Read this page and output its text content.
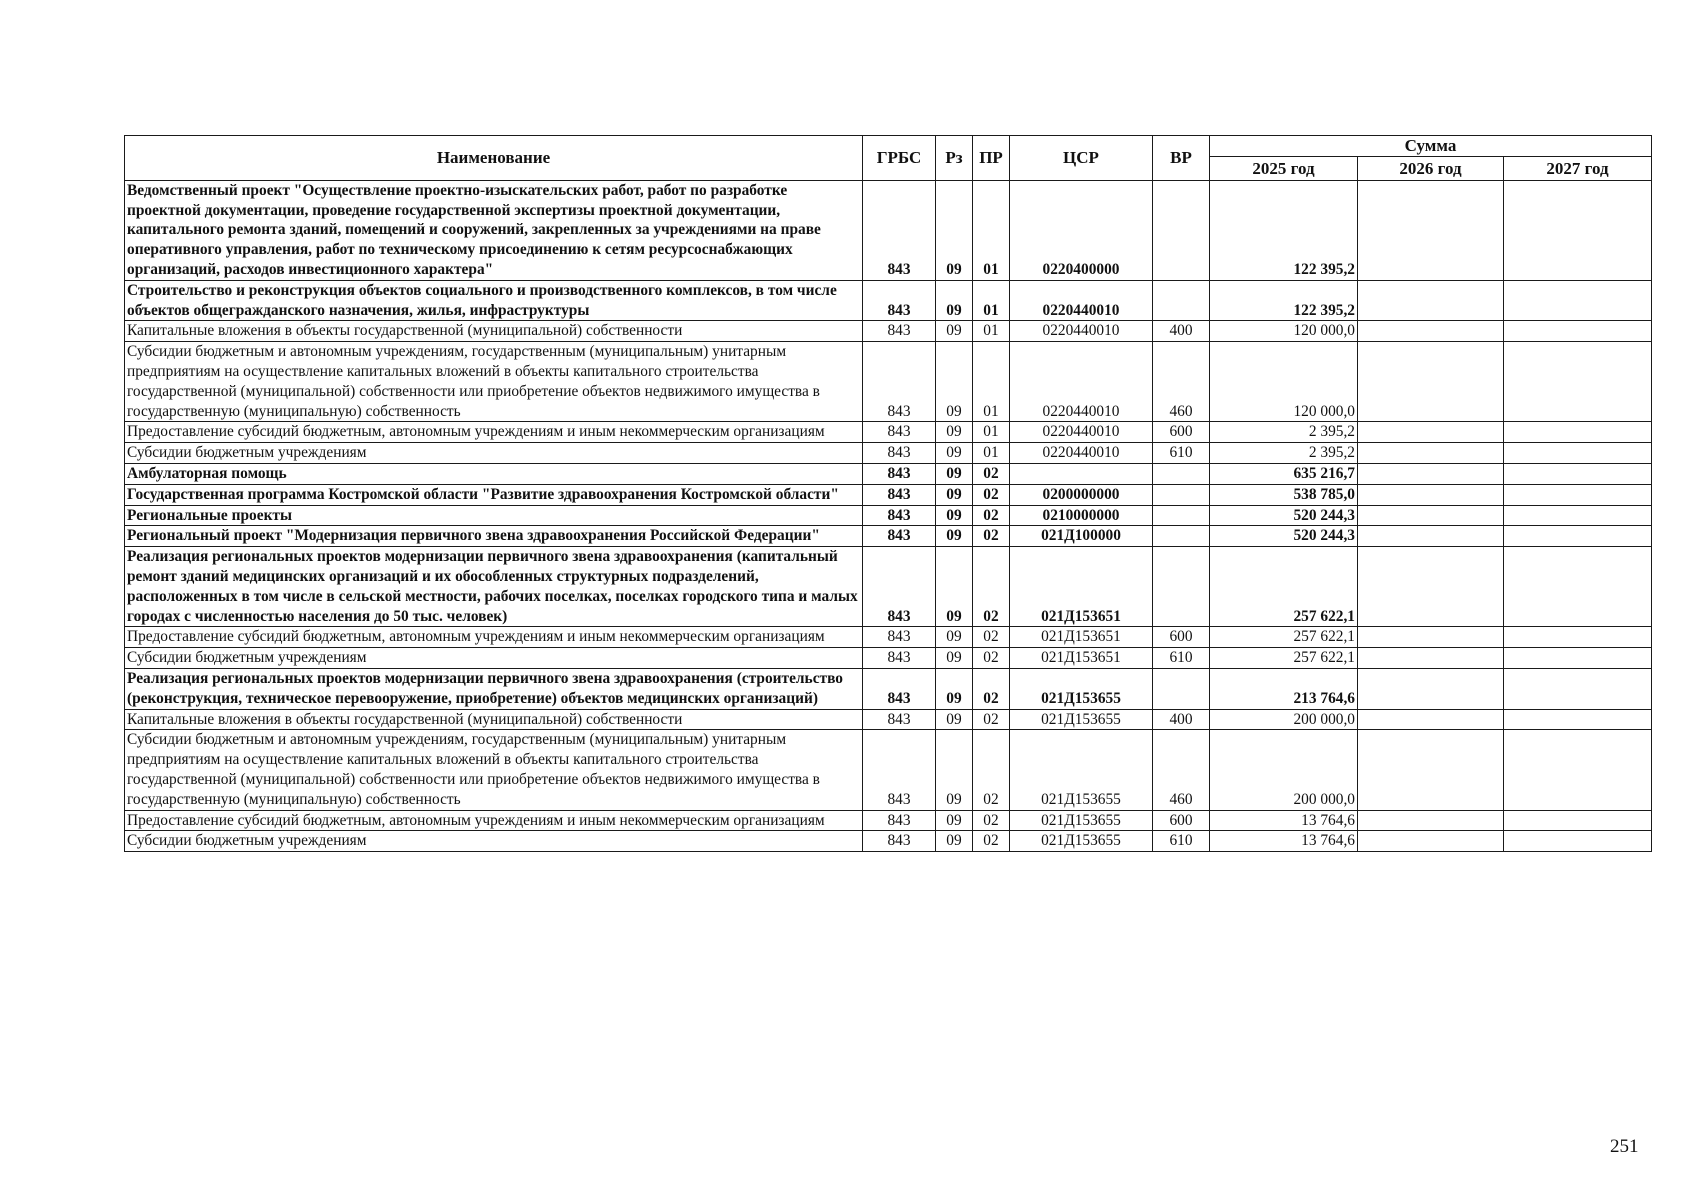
Наименование	ГРБС	Рз	ПР	ЦСР	ВР	Сумма		
						2025 год	2026 год	2027 год
Ведомственный проект "Осуществление проектно-изыскательских работ, работ по разработке проектной документации, проведение государственной экспертизы проектной документации, капитального ремонта зданий, помещений и сооружений, закрепленных за учреждениями на праве оперативного управления, работ по техническому присоединению к сетям ресурсоснабжающих организаций, расходов инвестиционного характера"	843	09	01	0220400000		122 395,2		
Строительство и реконструкция объектов социального и производственного комплексов, в том числе объектов общегражданского назначения, жилья, инфраструктуры	843	09	01	0220440010		122 395,2		
Капитальные вложения в объекты государственной (муниципальной) собственности	843	09	01	0220440010	400	120 000,0		
Субсидии бюджетным и автономным учреждениям, государственным (муниципальным) унитарным предприятиям на осуществление капитальных вложений в объекты капитального строительства государственной (муниципальной) собственности или приобретение объектов недвижимого имущества в государственную (муниципальную) собственность	843	09	01	0220440010	460	120 000,0		
Предоставление субсидий бюджетным, автономным учреждениям и иным некоммерческим организациям	843	09	01	0220440010	600	2 395,2		
Субсидии бюджетным учреждениям	843	09	01	0220440010	610	2 395,2		
Амбулаторная помощь	843	09	02			635 216,7		
Государственная программа Костромской области "Развитие здравоохранения Костромской области"	843	09	02	0200000000		538 785,0		
Региональные проекты	843	09	02	0210000000		520 244,3		
Региональный проект "Модернизация первичного звена здравоохранения Российской Федерации"	843	09	02	021Д100000		520 244,3		
Реализация региональных проектов модернизации первичного звена здравоохранения (капитальный ремонт зданий медицинских организаций и их обособленных структурных подразделений, расположенных в том числе в сельской местности, рабочих поселках, поселках городского типа и малых городах с численностью населения до 50 тыс. человек)	843	09	02	021Д153651		257 622,1		
Предоставление субсидий бюджетным, автономным учреждениям и иным некоммерческим организациям	843	09	02	021Д153651	600	257 622,1		
Субсидии бюджетным учреждениям	843	09	02	021Д153651	610	257 622,1		
Реализация региональных проектов модернизации первичного звена здравоохранения (строительство (реконструкция, техническое перевооружение, приобретение) объектов медицинских организаций)	843	09	02	021Д153655		213 764,6		
Капитальные вложения в объекты государственной (муниципальной) собственности	843	09	02	021Д153655	400	200 000,0		
Субсидии бюджетным и автономным учреждениям, государственным (муниципальным) унитарным предприятиям на осуществление капитальных вложений в объекты капитального строительства государственной (муниципальной) собственности или приобретение объектов недвижимого имущества в государственную (муниципальную) собственность	843	09	02	021Д153655	460	200 000,0		
Предоставление субсидий бюджетным, автономным учреждениям и иным некоммерческим организациям	843	09	02	021Д153655	600	13 764,6		
Субсидии бюджетным учреждениям	843	09	02	021Д153655	610	13 764,6		
251
